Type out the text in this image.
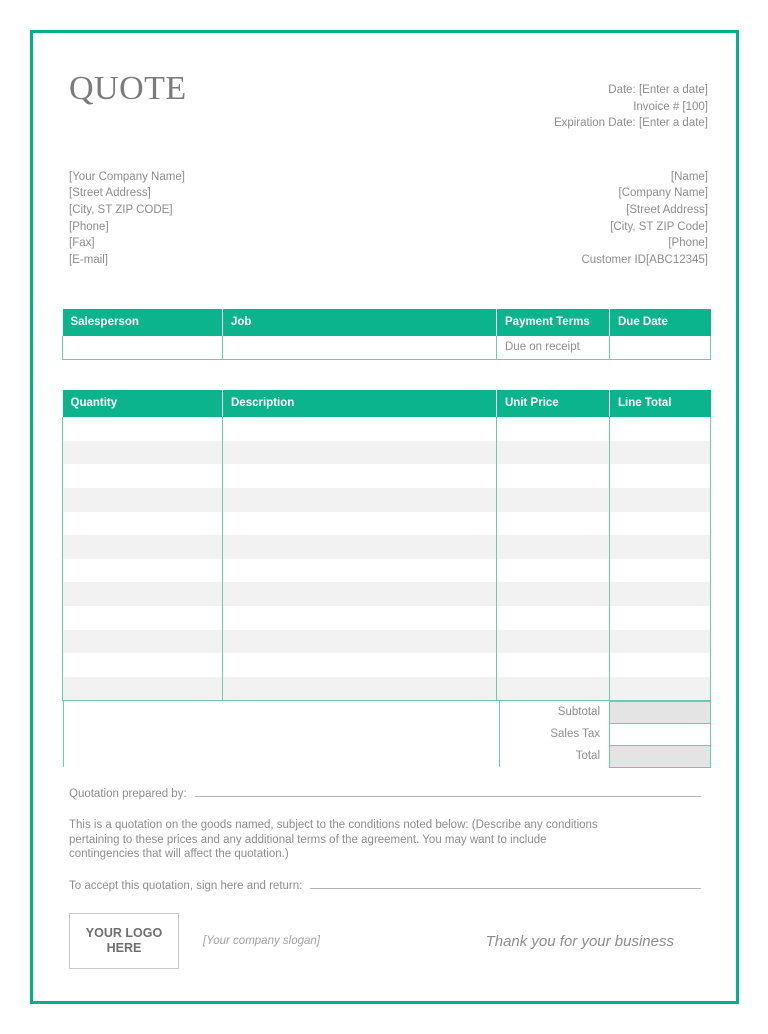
QUOTE	Date: [Enter a date]
Invoice # [100]
Expiration Date: [Enter a date]
[Your Company Name]
[Street Address]
[City, ST ZIP CODE]
[Phone]
[Fax]
[E-mail]
[Name]
[Company Name]
[Street Address]
[City, ST ZIP Code]
[Phone]
Customer ID[ABC12345]
Salesperson	Job	Payment Terms	Due Date
		Due on receipt	
Quantity	Description	Unit Price	Line Total

	Subtotal	
	Sales Tax	
	Total	
Quotation prepared by:
This is a quotation on the goods named, subject to the conditions noted below: (Describe any conditions pertaining to these prices and any additional terms of the agreement. You may want to include contingencies that will affect the quotation.)
To accept this quotation, sign here and return:
YOUR LOGO
HERE	[Your company slogan]	Thank you for your business
